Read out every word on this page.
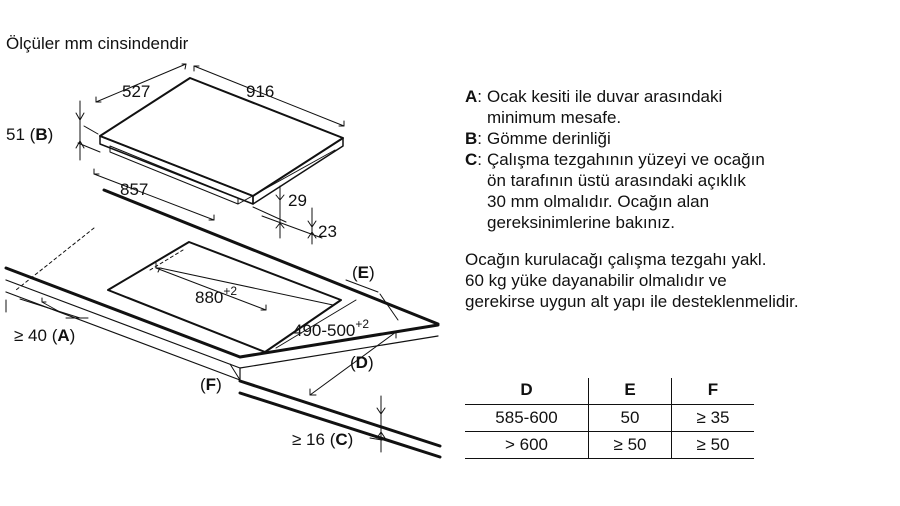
Ölçüler mm cinsindendir
527	916
51 (B)
857
29
23
$880^{+2}$
$490-500^{+2}$
(E)
(D)
(F)
≥ 40 (A)
≥ 16 (C)
A: Ocak kesiti ile duvar arasındaki
minimum mesafe.
B: Gömme derinliği
C: Çalışma tezgahının yüzeyi ve ocağın
ön tarafının üstü arasındaki açıklık
30 mm olmalıdır. Ocağın alan
gereksinimlerine bakınız.
Ocağın kurulacağı çalışma tezgahı yakl.
60 kg yüke dayanabilir olmalıdır ve
gerekirse uygun alt yapı ile desteklenmelidir.
D	E	F
585-600	50	≥ 35
> 600	≥ 50	≥ 50
